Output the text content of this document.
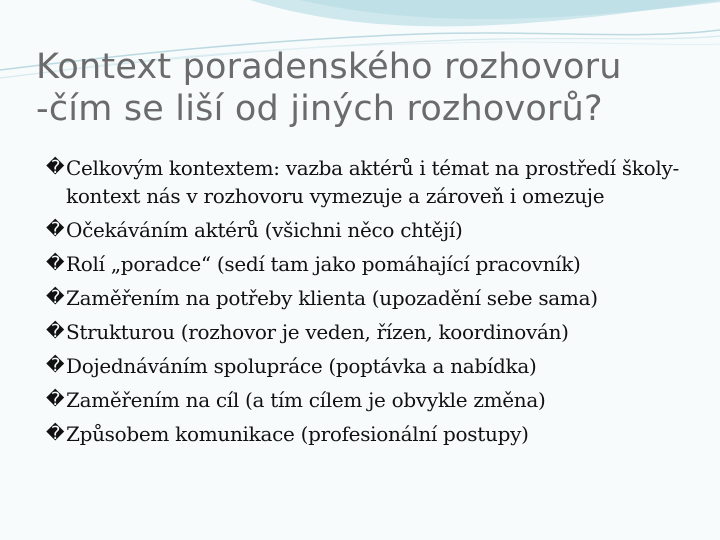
Kontext poradenského rozhovoru
-čím se liší od jiných rozhovorů?
� Celkovým kontextem: vazba aktérů i témat na prostředí školy-kontext nás v rozhovoru vymezuje a zároveň i omezuje
� Očekáváním aktérů (všichni něco chtějí)
� Rolí „poradce“ (sedí tam jako pomáhající pracovník)
� Zaměřením na potřeby klienta (upozadění sebe sama)
� Strukturou (rozhovor je veden, řízen, koordinován)
� Dojednáváním spolupráce (poptávka a nabídka)
� Zaměřením na cíl (a tím cílem je obvykle změna)
� Způsobem komunikace (profesionální postupy)
